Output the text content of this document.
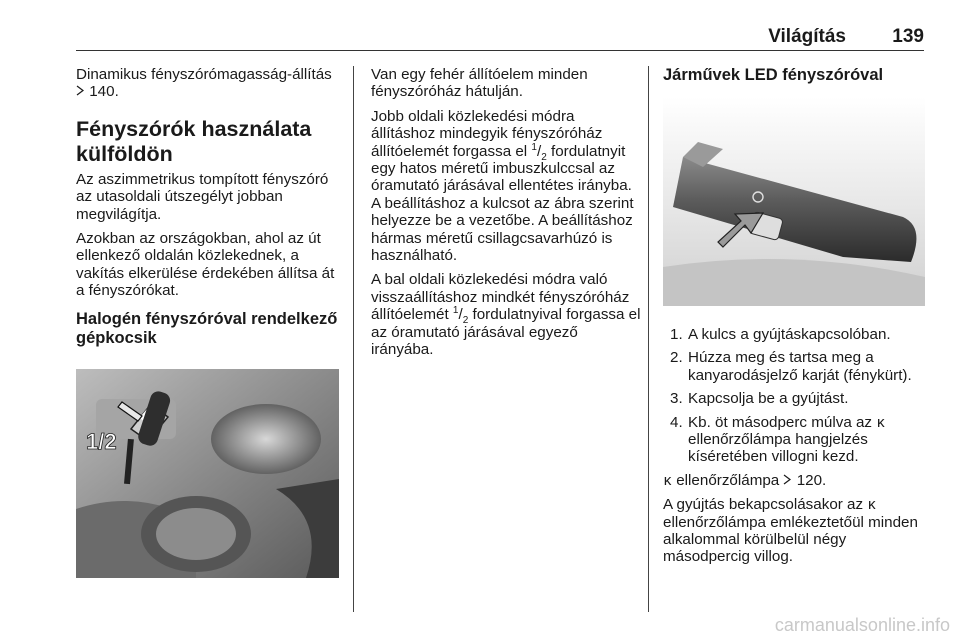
Világítás 139

Dinamikus fényszórómagasság-állítás  140.

Fényszórók használata külföldön

Az aszimmetrikus tompított fényszóró az utasoldali útszegélyt jobban megvilágítja.

Azokban az országokban, ahol az út ellenkező oldalán közlekednek, a vakítás elkerülése érdekében állítsa át a fényszórókat.

Halogén fényszóróval rendelkező gépkocsik
1/2

Van egy fehér állítóelem minden fényszóróház hátulján.

Jobb oldali közlekedési módra állításhoz mindegyik fényszóróház állítóelemét forgassa el $^1/_2$ fordulatnyit egy hatos méretű imbuszkulccsal az óramutató járásával ellentétes irányba. A beállításhoz a kulcsot az ábra szerint helyezze be a vezetőbe. A beállításhoz hármas méretű csillagcsavarhúzó is használható.

A bal oldali közlekedési módra való visszaállításhoz mindkét fényszóróház állítóelemét $^1/_2$ fordulatnyival forgassa el az óramutató járásával egyező irányába.

Járművek LED fényszóróval
1. A kulcs a gyújtáskapcsolóban.
2. Húzza meg és tartsa meg a kanyarodásjelző karját (fénykürt).
3. Kapcsolja be a gyújtást.
4. Kb. öt másodperc múlva az ĸ ellenőrzőlámpa hangjelzés kíséretében villogni kezd.

ĸ ellenőrzőlámpa 120.

A gyújtás bekapcsolásakor az ĸ ellenőrzőlámpa emlékeztetőül minden alkalommal körülbelül négy másodpercig villog.

carmanualsonline.info
